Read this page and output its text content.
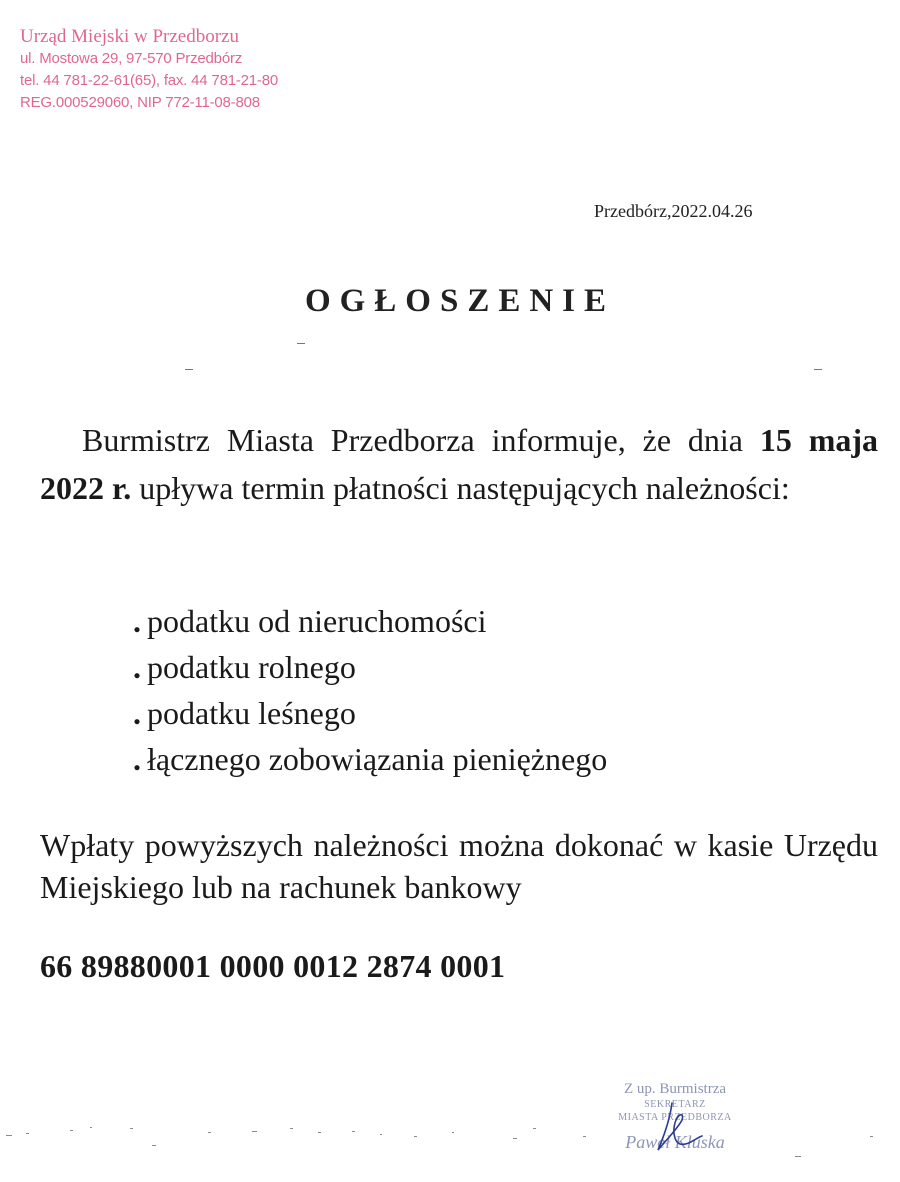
Urząd Miejski w Przedborzu
ul. Mostowa 29, 97-570 Przedbórz
tel. 44 781-22-61(65), fax. 44 781-21-80
REG.000529060, NIP 772-11-08-808
Przedbórz,2022.04.26
OGŁOSZENIE

Burmistrz Miasta Przedborza informuje, że dnia 15 maja 2022 r. upływa termin płatności następujących należności:

. podatku od nieruchomości
. podatku rolnego
. podatku leśnego
. łącznego zobowiązania pieniężnego
Wpłaty powyższych należności można dokonać w kasie Urzędu Miejskiego lub na rachunek bankowy
66 89880001 0000 0012 2874 0001
Z up. Burmistrza
SEKRETARZ
MIASTA PRZEDBORZA
Paweł Kluska
